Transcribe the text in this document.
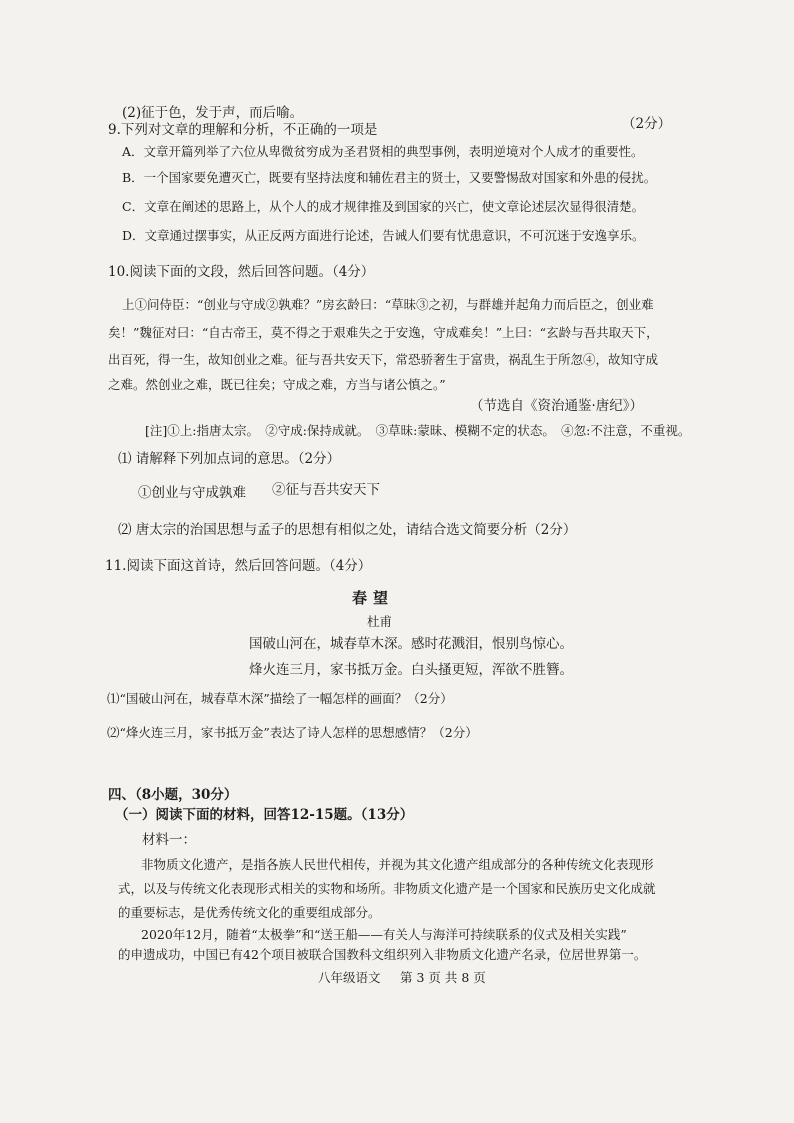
(2)征于色，发于声，而后喻。
9.下列对文章的理解和分析，不正确的一项是	（2分）
A．文章开篇列举了六位从卑微贫穷成为圣君贤相的典型事例，表明逆境对个人成才的重要性。
B．一个国家要免遭灭亡，既要有坚持法度和辅佐君主的贤士，又要警惕敌对国家和外患的侵扰。
C．文章在阐述的思路上，从个人的成才规律推及到国家的兴亡，使文章论述层次显得很清楚。
D．文章通过摆事实，从正反两方面进行论述，告诫人们要有忧患意识，不可沉迷于安逸享乐。
10.阅读下面的文段，然后回答问题。（4分）
上①问侍臣：“创业与守成②孰难？”房玄龄曰：“草昧③之初，与群雄并起角力而后臣之，创业难
矣！”魏征对曰：“自古帝王，莫不得之于艰难失之于安逸，守成难矣！”上曰：“玄龄与吾共取天下，
出百死，得一生，故知创业之难。征与吾共安天下，常恐骄奢生于富贵，祸乱生于所忽④，故知守成
之难。然创业之难，既已往矣；守成之难，方当与诸公慎之。”
（节选自《资治通鉴·唐纪》）
[注]①上:指唐太宗。　②守成:保持成就。　③草昧:蒙昧、模糊不定的状态。　④忽:不注意，不重视。
⑴ 请解释下列加点词的意思。（2分）
①创业与守成孰难 ②征与吾共安天下
⑵ 唐太宗的治国思想与孟子的思想有相似之处，请结合选文简要分析（2分）
11.阅读下面这首诗，然后回答问题。（4分）
春望
杜甫
国破山河在，城春草木深。感时花溅泪，恨别鸟惊心。
烽火连三月，家书抵万金。白头搔更短，浑欲不胜簪。
⑴“国破山河在，城春草木深”描绘了一幅怎样的画面？（2分）
⑵“烽火连三月，家书抵万金”表达了诗人怎样的思想感情？（2分）
四、（8小题，30分）
（一）阅读下面的材料，回答12-15题。（13分）
材料一：
非物质文化遗产，是指各族人民世代相传，并视为其文化遗产组成部分的各种传统文化表现形
式，以及与传统文化表现形式相关的实物和场所。非物质文化遗产是一个国家和民族历史文化成就
的重要标志，是优秀传统文化的重要组成部分。
2020年12月，随着“太极拳”和“送王船——有关人与海洋可持续联系的仪式及相关实践”
的申遗成功，中国已有42个项目被联合国教科文组织列入非物质文化遗产名录，位居世界第一。
八年级语文 第 3 页 共 8 页
